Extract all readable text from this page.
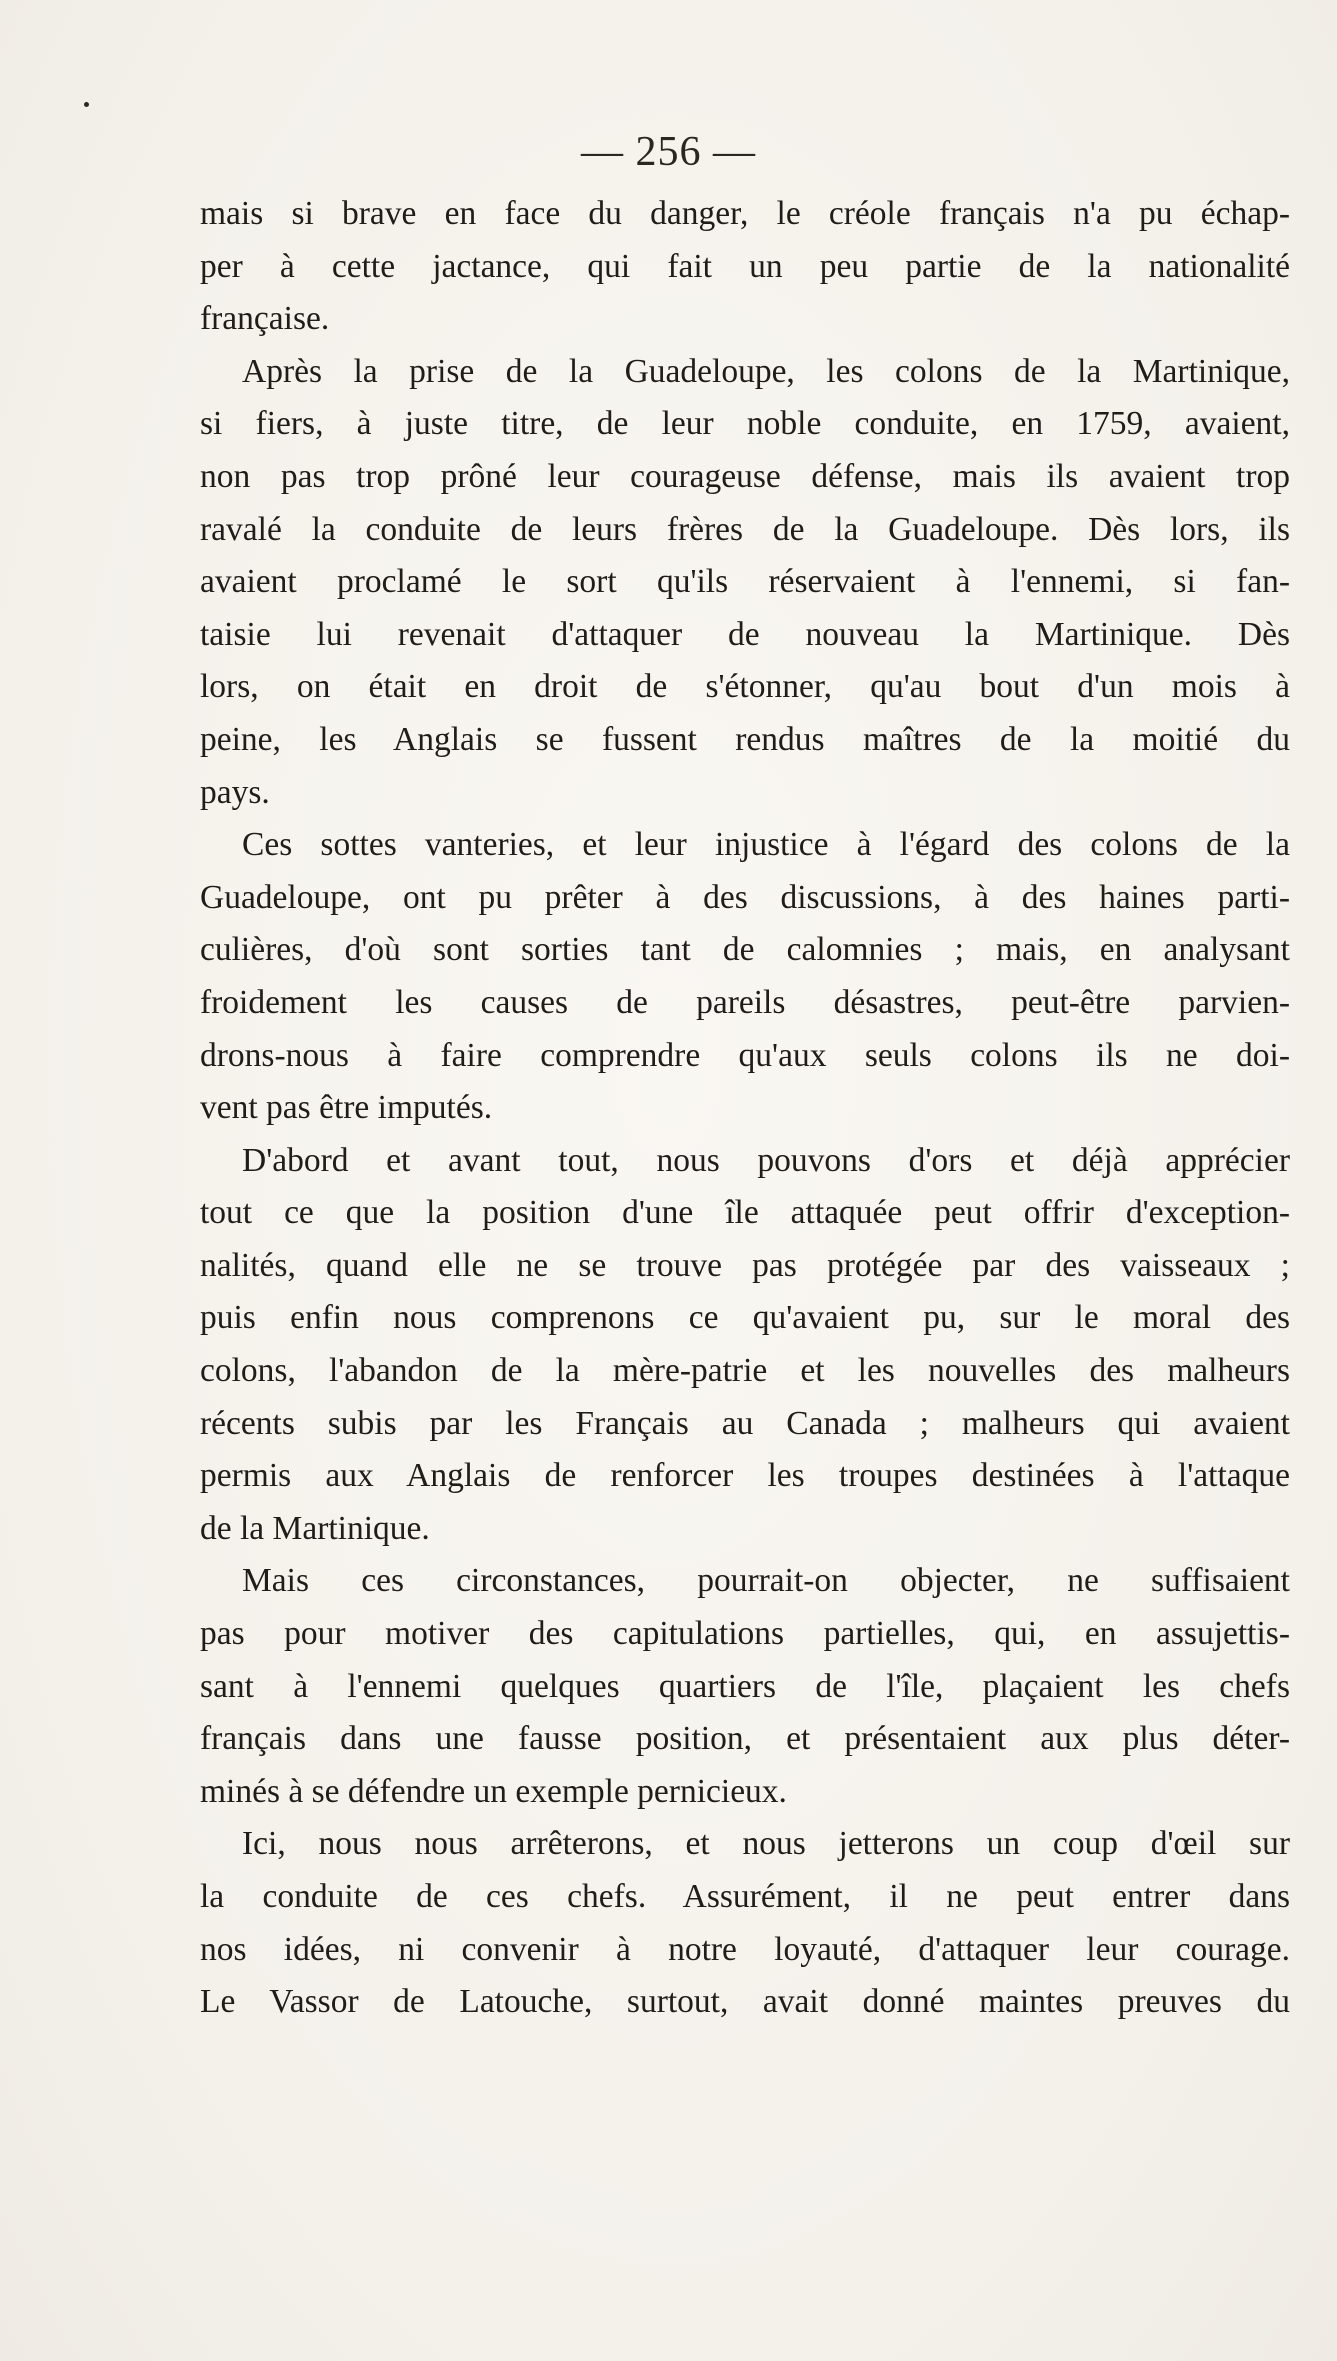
— 256 —
mais si brave en face du danger, le créole français n'a pu échap-
per à cette jactance, qui fait un peu partie de la nationalité
française.
Après la prise de la Guadeloupe, les colons de la Martinique,
si fiers, à juste titre, de leur noble conduite, en 1759, avaient,
non pas trop prôné leur courageuse défense, mais ils avaient trop
ravalé la conduite de leurs frères de la Guadeloupe. Dès lors, ils
avaient proclamé le sort qu'ils réservaient à l'ennemi, si fan-
taisie lui revenait d'attaquer de nouveau la Martinique. Dès
lors, on était en droit de s'étonner, qu'au bout d'un mois à
peine, les Anglais se fussent rendus maîtres de la moitié du
pays.
Ces sottes vanteries, et leur injustice à l'égard des colons de la
Guadeloupe, ont pu prêter à des discussions, à des haines parti-
culières, d'où sont sorties tant de calomnies ; mais, en analysant
froidement les causes de pareils désastres, peut-être parvien-
drons-nous à faire comprendre qu'aux seuls colons ils ne doi-
vent pas être imputés.
D'abord et avant tout, nous pouvons d'ors et déjà apprécier
tout ce que la position d'une île attaquée peut offrir d'exception-
nalités, quand elle ne se trouve pas protégée par des vaisseaux ;
puis enfin nous comprenons ce qu'avaient pu, sur le moral des
colons, l'abandon de la mère-patrie et les nouvelles des malheurs
récents subis par les Français au Canada ; malheurs qui avaient
permis aux Anglais de renforcer les troupes destinées à l'attaque
de la Martinique.
Mais ces circonstances, pourrait-on objecter, ne suffisaient
pas pour motiver des capitulations partielles, qui, en assujettis-
sant à l'ennemi quelques quartiers de l'île, plaçaient les chefs
français dans une fausse position, et présentaient aux plus déter-
minés à se défendre un exemple pernicieux.
Ici, nous nous arrêterons, et nous jetterons un coup d'œil sur
la conduite de ces chefs. Assurément, il ne peut entrer dans
nos idées, ni convenir à notre loyauté, d'attaquer leur courage.
Le Vassor de Latouche, surtout, avait donné maintes preuves du
